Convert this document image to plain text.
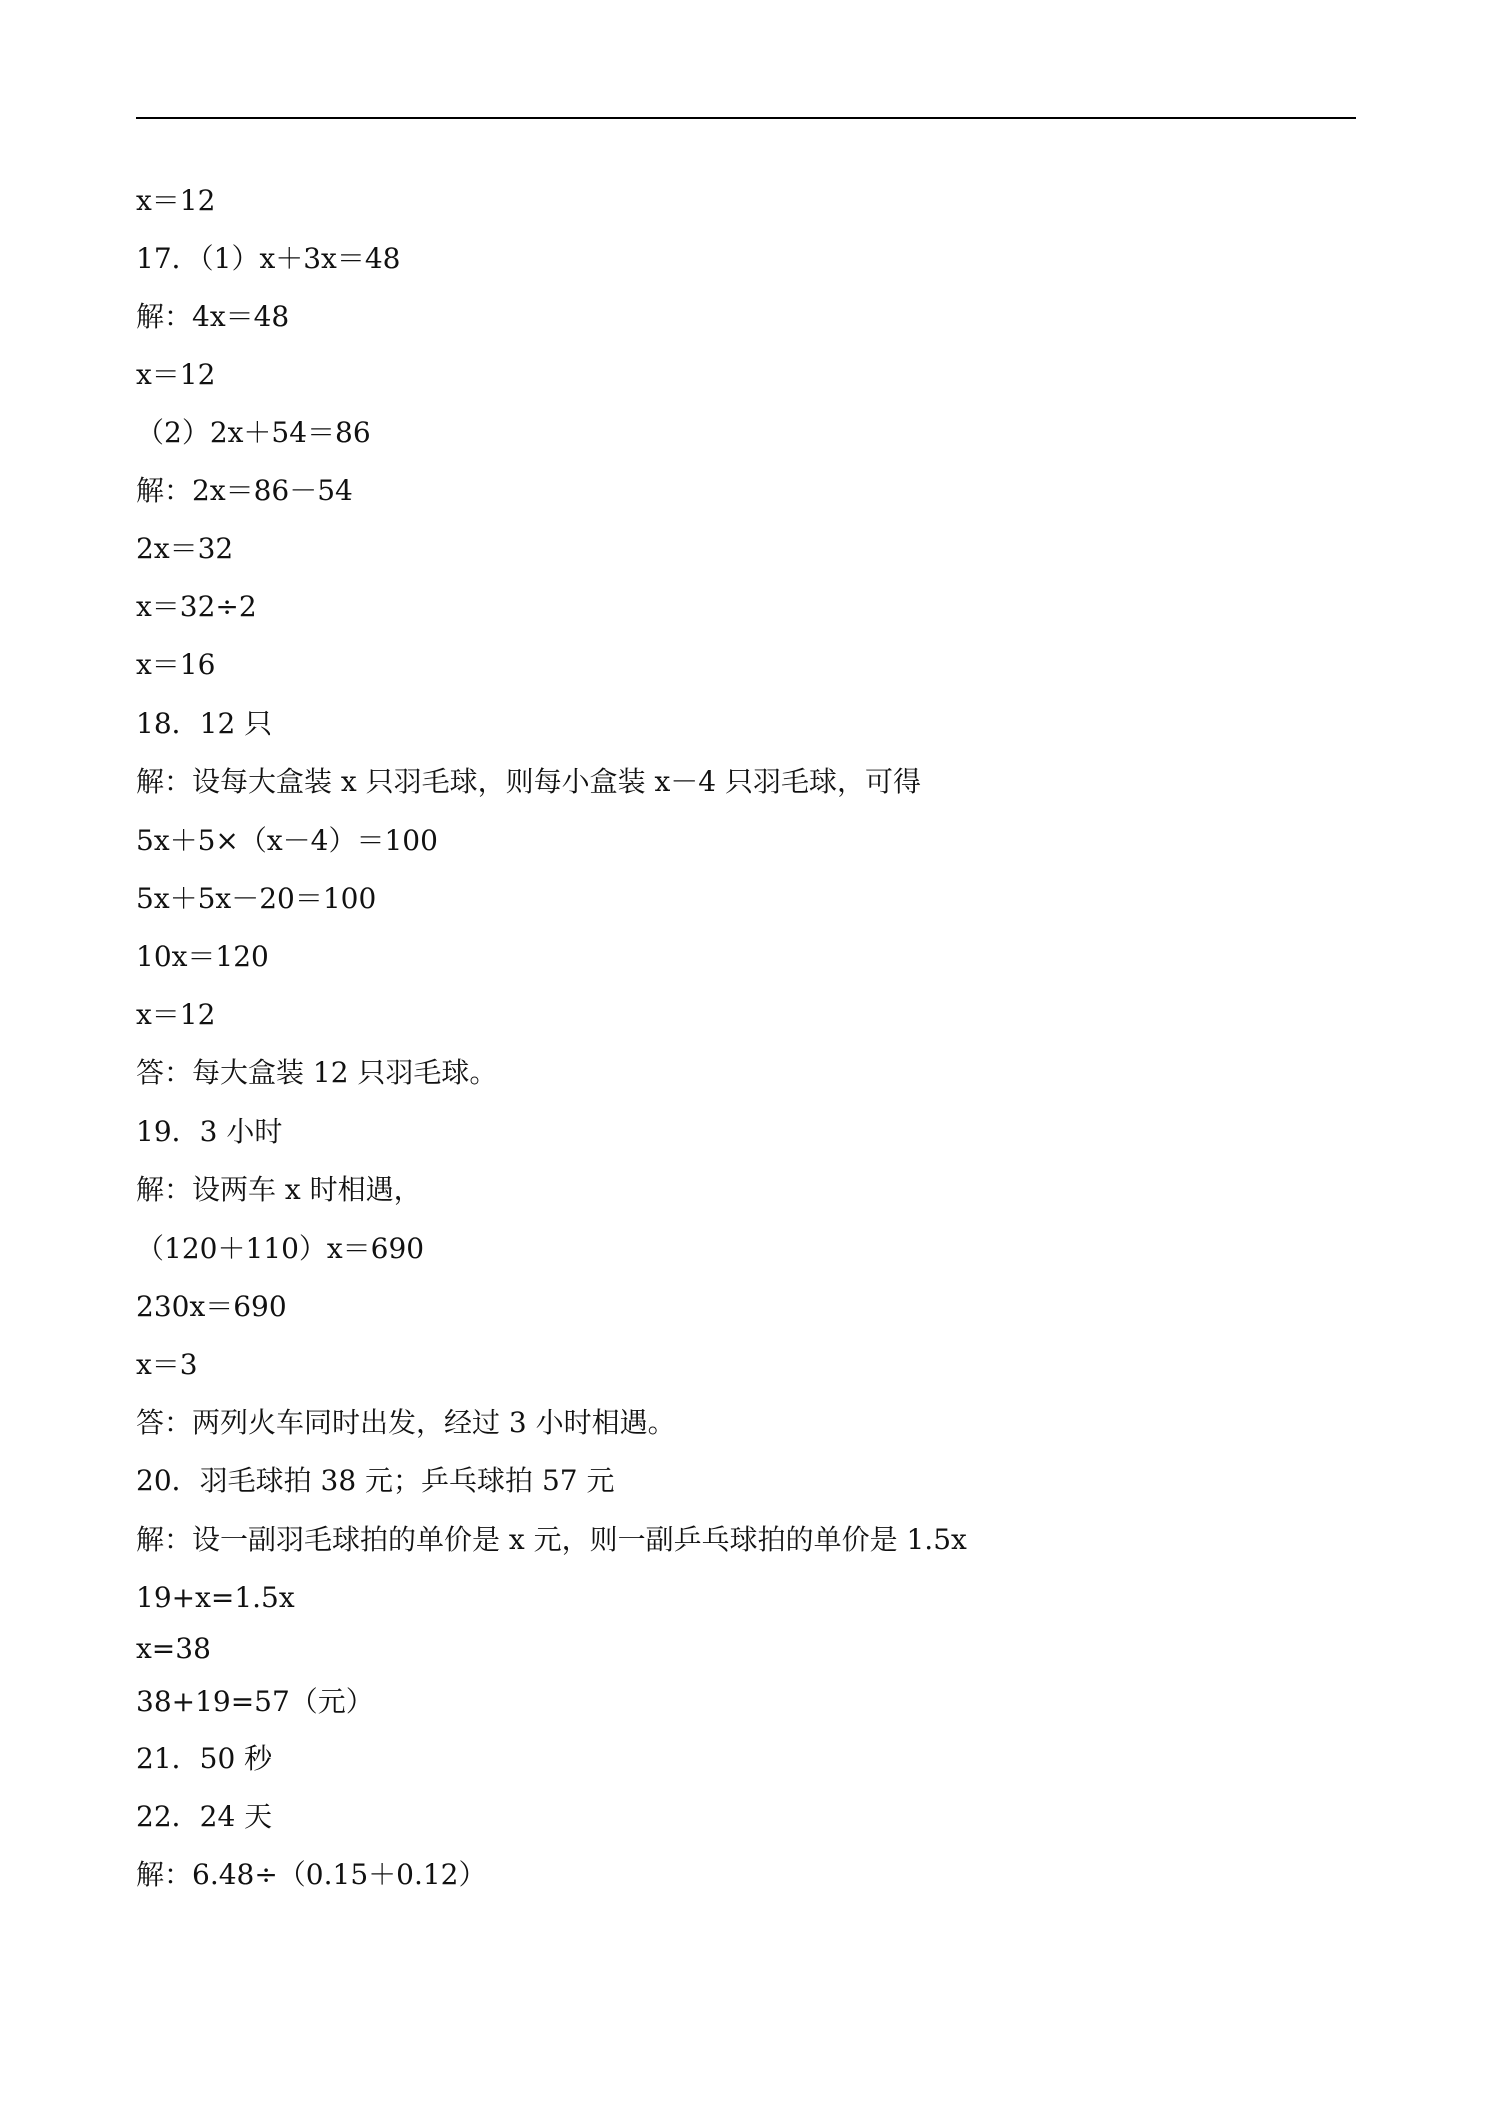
x＝12
17．（1）x＋3x＝48
解：4x＝48
x＝12
（2）2x＋54＝86
解：2x＝86－54
2x＝32
x＝32÷2
x＝16
18．12 只
解：设每大盒装 x 只羽毛球，则每小盒装 x－4 只羽毛球，可得
5x＋5×（x－4）＝100
5x＋5x－20＝100
10x＝120
x＝12
答：每大盒装 12 只羽毛球。
19．3 小时
解：设两车 x 时相遇，
（120＋110）x＝690
230x＝690
x＝3
答：两列火车同时出发，经过 3 小时相遇。
20．羽毛球拍 38 元；乒乓球拍 57 元
解：设一副羽毛球拍的单价是 x 元，则一副乒乓球拍的单价是 1.5x
19+x=1.5x
x=38
38+19=57（元）
21．50 秒
22．24 天
解：6.48÷（0.15＋0.12）
